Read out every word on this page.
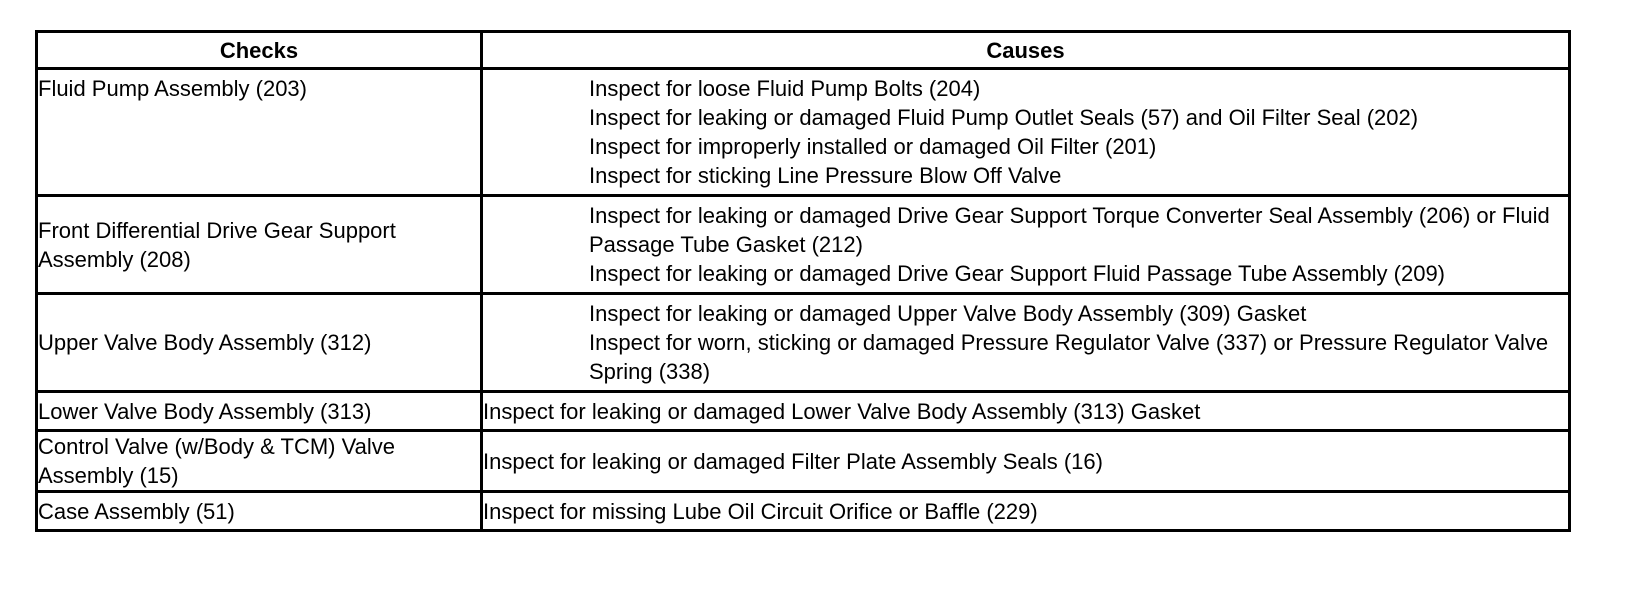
Checks	Causes
Fluid Pump Assembly (203)	Inspect for loose Fluid Pump Bolts (204)
Inspect for leaking or damaged Fluid Pump Outlet Seals (57) and Oil Filter Seal (202)
Inspect for improperly installed or damaged Oil Filter (201)
Inspect for sticking Line Pressure Blow Off Valve

Front Differential Drive Gear Support Assembly (208)	Inspect for leaking or damaged Drive Gear Support Torque Converter Seal Assembly (206) or Fluid Passage Tube Gasket (212)
Inspect for leaking or damaged Drive Gear Support Fluid Passage Tube Assembly (209)

Upper Valve Body Assembly (312)	Inspect for leaking or damaged Upper Valve Body Assembly (309) Gasket
Inspect for worn, sticking or damaged Pressure Regulator Valve (337) or Pressure Regulator Valve Spring (338)

Lower Valve Body Assembly (313)	Inspect for leaking or damaged Lower Valve Body Assembly (313) Gasket

Control Valve (w/Body & TCM) Valve Assembly (15)	Inspect for leaking or damaged Filter Plate Assembly Seals (16)

Case Assembly (51)	Inspect for missing Lube Oil Circuit Orifice or Baffle (229)
